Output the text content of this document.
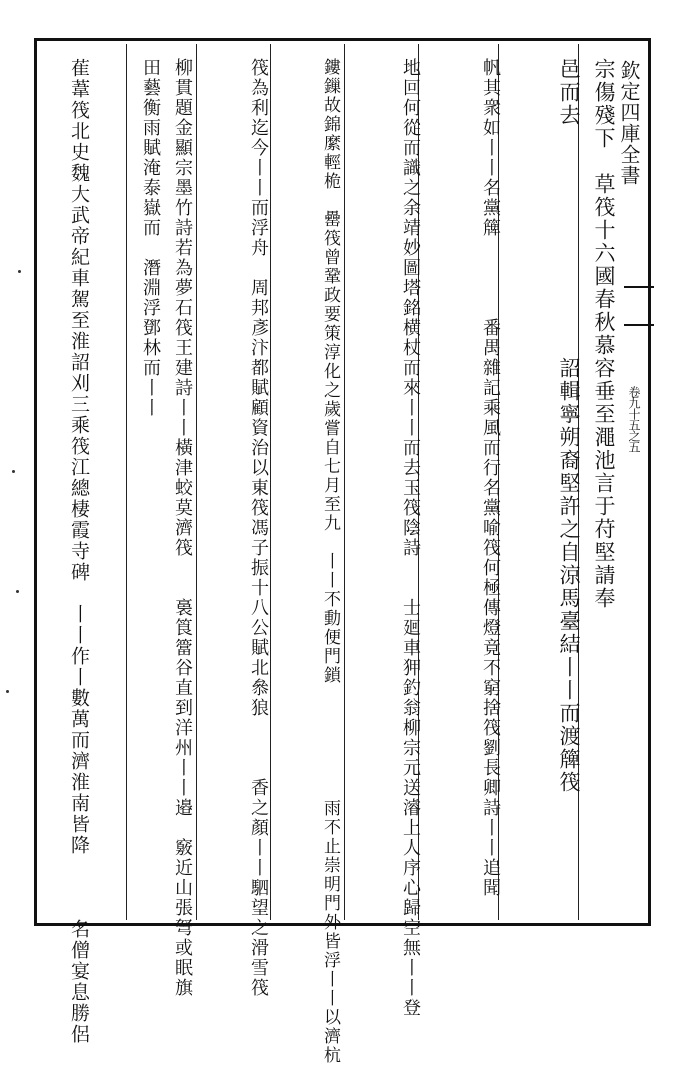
欽定四庫全書
卷九十五之五
宗傷殘下　草筏十六國春秋慕容垂至澠池言于苻堅請奉
邑而去　　　　　　　　　　詔輯寧朔裔堅許之自涼馬臺結丨丨而渡簰筏
帆其衆如丨丨名黨簰　　　　番禺雜記乘風而行名黨喻筏何極傳燈竟不窮捨筏劉長卿詩丨丨追聞
地回何從而識之余靖妙圖塔銘横杖而來丨丨而去玉筏陰詩　　士廻車狎釣翁柳宗元送濬上人序心歸空無丨丨登
鏤鏁故錦縻輕桅　罍筏曾鞏政要策淳化之歲嘗自七月至九　丨丨不動便門鎖　　　　　　雨不止崇明門外皆浮丨丨以濟杭
筏為利迄今丨丨而浮舟　周邦彥汴都賦顧資治以東筏馮子振十八公賦北叅狼　　　香之顏丨丨駟望之滑雪筏
柳貫題金顯宗墨竹詩若為夢石筏王建詩丨丨橫津蛟莫濟筏　　裛筤簹谷直到洋州丨丨邉　竅近山張弩或眠旗
田藝衡雨賦淹泰嶽而　潛淵浮鄧林而丨丨
萑葦筏北史魏大武帝紀車駕至淮詔刈三乘筏江總棲霞寺碑　丨丨作丨數萬而濟淮南皆降　　　名僧宴息勝侶
